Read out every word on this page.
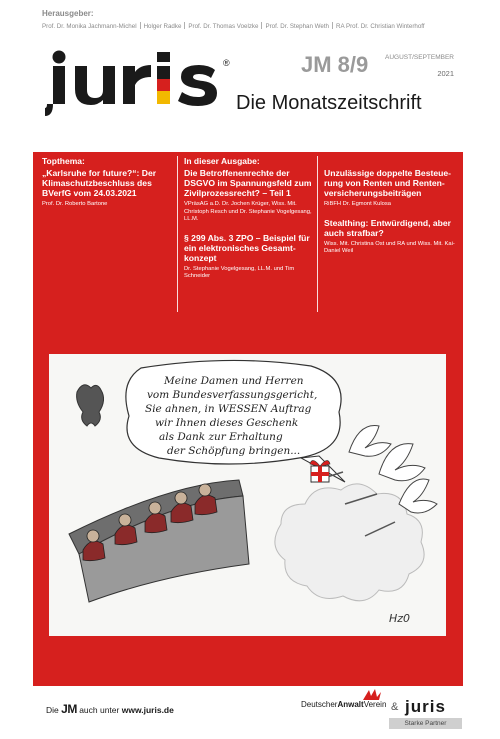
Herausgeber:
Prof. Dr. Monika Jachmann-Michel Holger Radke Prof. Dr. Thomas Voelzke Prof. Dr. Stephan Weth RA Prof. Dr. Christian Winterhoff
®	JM 8/9	AUGUST/SEPTEMBER
2021
Die Monatszeitschrift
Topthema:
„Karlsruhe for future?“: Der Klimaschutzbeschluss des BVerfG vom 24.03.2021
Prof. Dr. Roberto Bartone
In dieser Ausgabe:
Die Betroffenenrechte der DSGVO im Spannungsfeld zum Zivilprozessrecht? – Teil 1
VPräsAG a.D. Dr. Jochen Krüger, Wiss. Mit. Christoph Resch und Dr. Stephanie Vogelgesang, LL.M.
§ 299 Abs. 3 ZPO – Beispiel für ein elektronisches Gesamtkonzept
Dr. Stephanie Vogelgesang, LL.M. und Tim Schneider
Unzulässige doppelte Besteuerung von Renten und Rentenversicherungsbeiträgen
RiBFH Dr. Egmont Kulosa
Stealthing: Entwürdigend, aber auch strafbar?
Wiss. Mit. Christina Ost und RA und Wiss. Mit. Kai-Daniel Weil
Meine Damen und Herren
vom Bundesverfassungsgericht,
Sie ahnen, in WESSEN Auftrag
wir Ihnen dieses Geschenk
als Dank zur Erhaltung
der Schöpfung bringen...
Hz0
Die JM auch unter www.juris.de
DeutscherAnwaltVerein & juris
Starke Partner
